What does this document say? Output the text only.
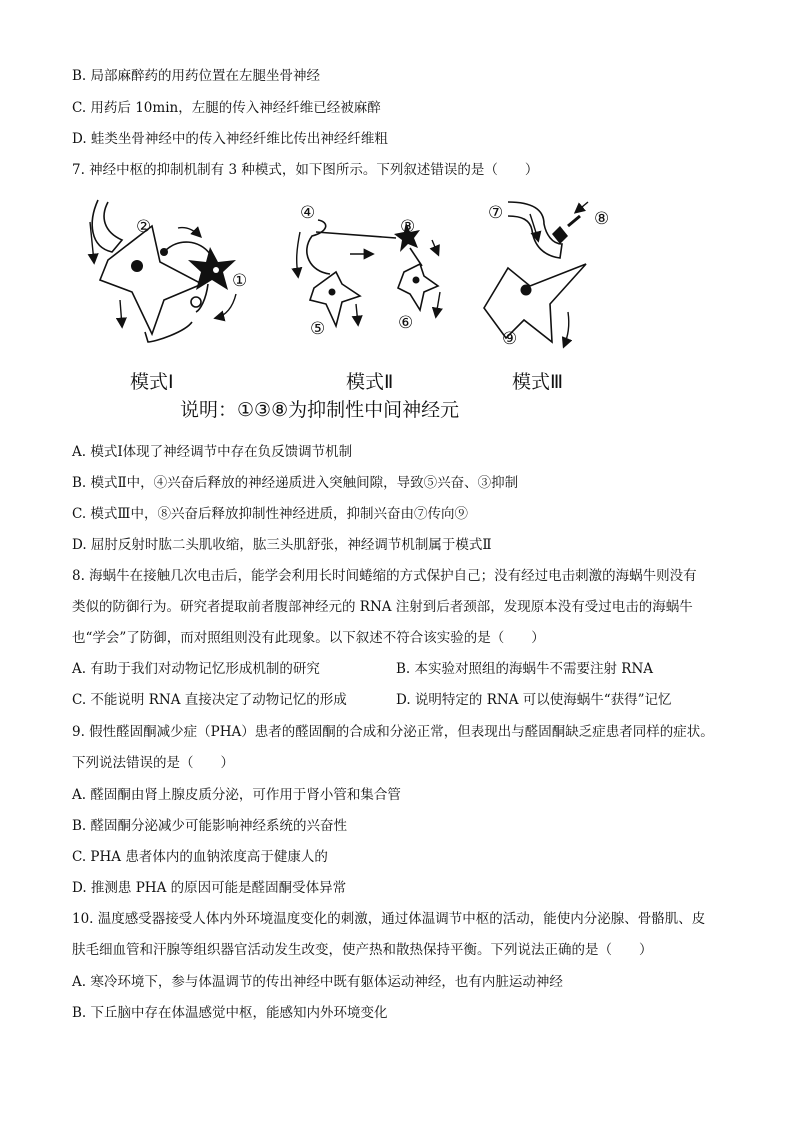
B. 局部麻醉药的用药位置在左腿坐骨神经
C. 用药后 10min，左腿的传入神经纤维已经被麻醉
D. 蛙类坐骨神经中的传入神经纤维比传出神经纤维粗
7. 神经中枢的抑制机制有 3 种模式，如下图所示。下列叙述错误的是（　　）
②
①
模式Ⅰ
④
③
⑤	⑥
模式Ⅱ
⑦	⑧
⑨
模式Ⅲ
说明：①③⑧为抑制性中间神经元
A. 模式Ⅰ体现了神经调节中存在负反馈调节机制
B. 模式Ⅱ中，④兴奋后释放的神经递质进入突触间隙，导致⑤兴奋、③抑制
C. 模式Ⅲ中，⑧兴奋后释放抑制性神经进质，抑制兴奋由⑦传向⑨
D. 屈肘反射时肱二头肌收缩，肱三头肌舒张，神经调节机制属于模式Ⅱ
8. 海蜗牛在接触几次电击后，能学会利用长时间蜷缩的方式保护自己；没有经过电击刺激的海蜗牛则没有
类似的防御行为。研究者提取前者腹部神经元的 RNA 注射到后者颈部，发现原本没有受过电击的海蜗牛
也“学会”了防御，而对照组则没有此现象。以下叙述不符合该实验的是（　　）
A. 有助于我们对动物记忆形成机制的研究	B. 本实验对照组的海蜗牛不需要注射 RNA
C. 不能说明 RNA 直接决定了动物记忆的形成	D. 说明特定的 RNA 可以使海蜗牛“获得”记忆
9. 假性醛固酮减少症（PHA）患者的醛固酮的合成和分泌正常，但表现出与醛固酮缺乏症患者同样的症状。
下列说法错误的是（　　）
A. 醛固酮由肾上腺皮质分泌，可作用于肾小管和集合管
B. 醛固酮分泌减少可能影响神经系统的兴奋性
C. PHA 患者体内的血钠浓度高于健康人的
D. 推测患 PHA 的原因可能是醛固酮受体异常
10. 温度感受器接受人体内外环境温度变化的刺激，通过体温调节中枢的活动，能使内分泌腺、骨骼肌、皮
肤毛细血管和汗腺等组织器官活动发生改变，使产热和散热保持平衡。下列说法正确的是（　　）
A. 寒冷环境下，参与体温调节的传出神经中既有躯体运动神经，也有内脏运动神经
B. 下丘脑中存在体温感觉中枢，能感知内外环境变化
